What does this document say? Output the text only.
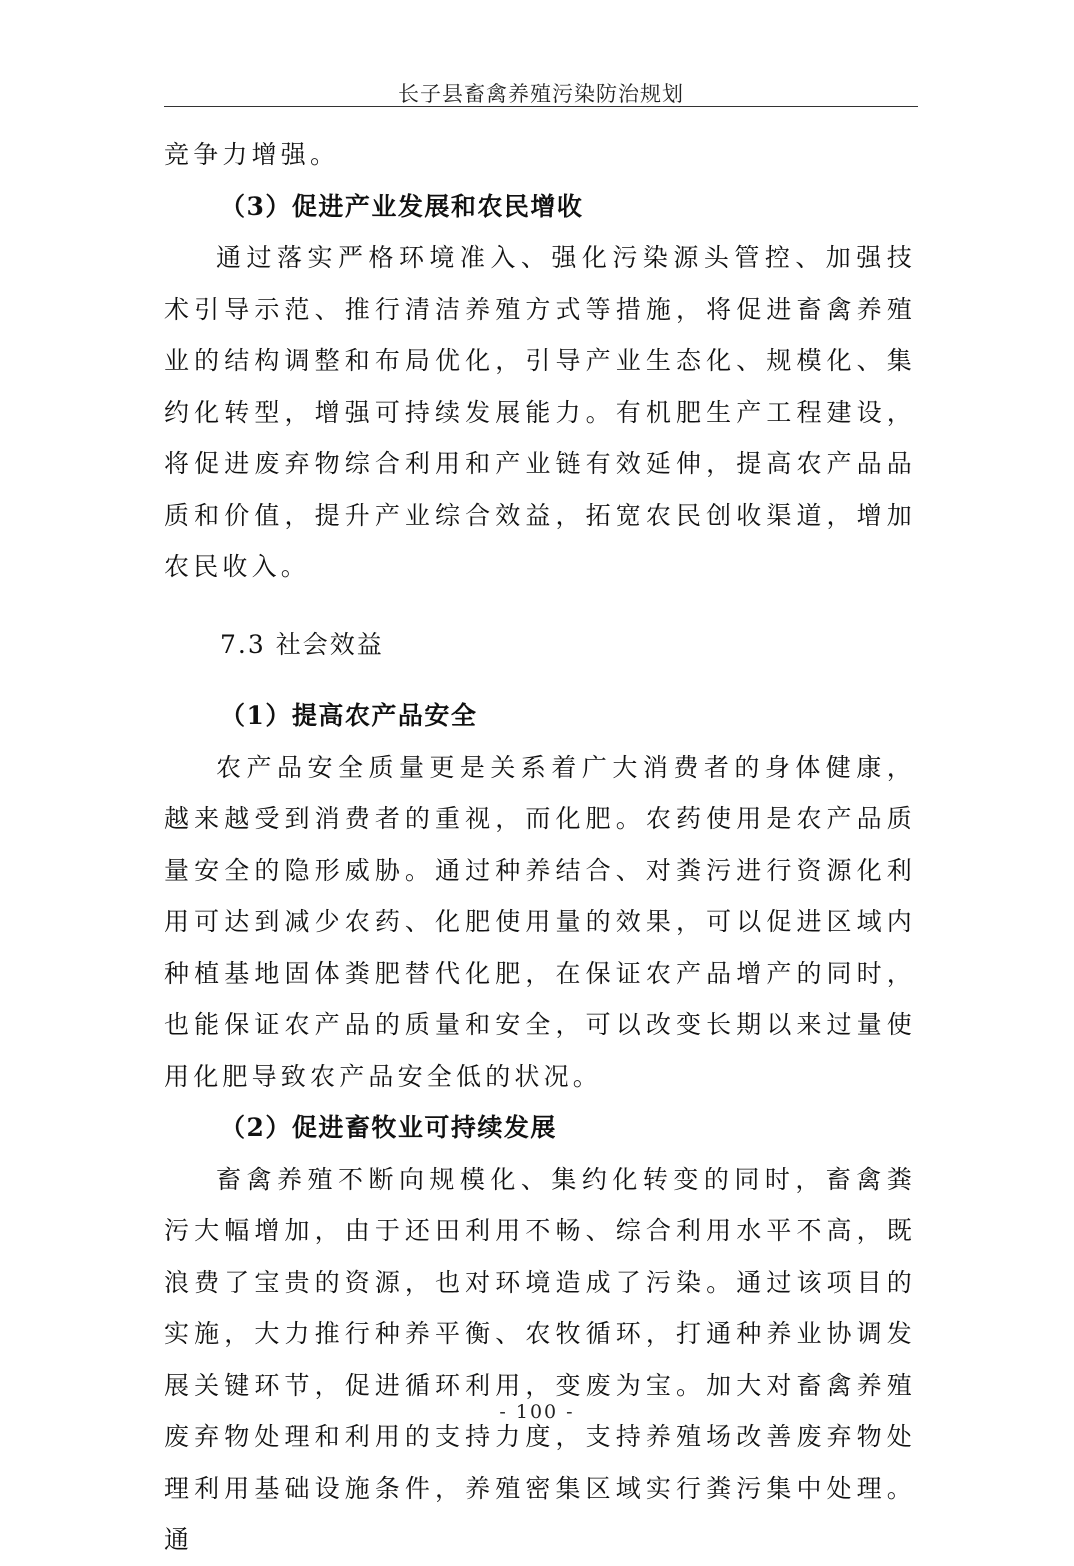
长子县畜禽养殖污染防治规划

竞争力增强。

（3）促进产业发展和农民增收

通过落实严格环境准入、强化污染源头管控、加强技术引导示范、推行清洁养殖方式等措施，将促进畜禽养殖业的结构调整和布局优化，引导产业生态化、规模化、集约化转型，增强可持续发展能力。有机肥生产工程建设，将促进废弃物综合利用和产业链有效延伸，提高农产品品质和价值，提升产业综合效益，拓宽农民创收渠道，增加农民收入。

7.3 社会效益

（1）提高农产品安全

农产品安全质量更是关系着广大消费者的身体健康，越来越受到消费者的重视，而化肥。农药使用是农产品质量安全的隐形威胁。通过种养结合、对粪污进行资源化利用可达到减少农药、化肥使用量的效果，可以促进区域内种植基地固体粪肥替代化肥，在保证农产品增产的同时，也能保证农产品的质量和安全，可以改变长期以来过量使用化肥导致农产品安全低的状况。

（2）促进畜牧业可持续发展

畜禽养殖不断向规模化、集约化转变的同时，畜禽粪污大幅增加，由于还田利用不畅、综合利用水平不高，既浪费了宝贵的资源，也对环境造成了污染。通过该项目的实施，大力推行种养平衡、农牧循环，打通种养业协调发展关键环节，促进循环利用，变废为宝。加大对畜禽养殖废弃物处理和利用的支持力度，支持养殖场改善废弃物处理利用基础设施条件，养殖密集区域实行粪污集中处理。通

- 100 -
